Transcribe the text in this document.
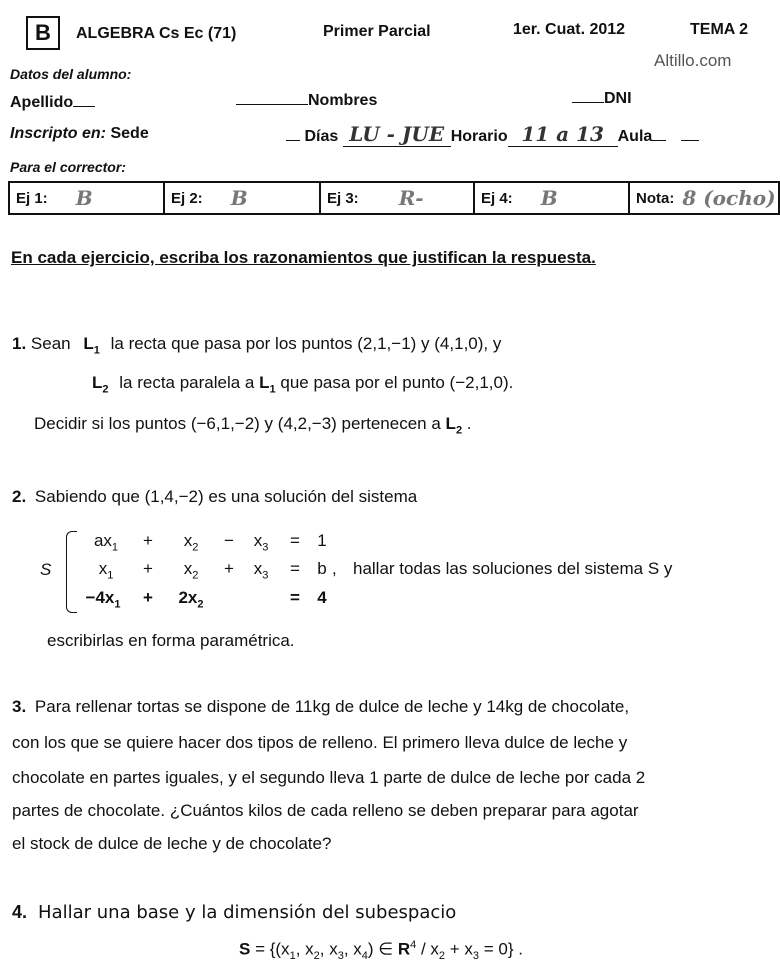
B	ALGEBRA Cs Ec (71)	Primer Parcial	1er. Cuat. 2012	TEMA 2
Altillo.com
Datos del alumno:
Apellido	Nombres	DNI
Inscripto en: Sede	Días LU - JUE Horario 11 a 13 Aula
Para el corrector:
Ej 1: B	Ej 2: B	Ej 3: R-	Ej 4: B	Nota: 8 (ocho)
En cada ejercicio, escriba los razonamientos que justifican la respuesta.
1. Sean $L_1$ la recta que pasa por los puntos (2,1,−1) y (4,1,0), y
$L_2$ la recta paralela a $L_1$ que pasa por el punto (−2,1,0).
Decidir si los puntos (−6,1,−2) y (4,2,−3) pertenecen a $L_2$ .
2. Sabiendo que (1,4,−2) es una solución del sistema
S
$ax_1 + x_2 - x_3 = 1$
$x_1 + x_2 + x_3 = b$ , hallar todas las soluciones del sistema S y
$-4x_1 + 2x_2$	= 4
escribirlas en forma paramétrica.
3. Para rellenar tortas se dispone de 11kg de dulce de leche y 14kg de chocolate,
con los que se quiere hacer dos tipos de relleno. El primero lleva dulce de leche y
chocolate en partes iguales, y el segundo lleva 1 parte de dulce de leche por cada 2
partes de chocolate. ¿Cuántos kilos de cada relleno se deben preparar para agotar
el stock de dulce de leche y de chocolate?
4. Hallar una base y la dimensión del subespacio
$S = \{(x_1$, $x_2$, $x_3$, $x_4$) ∈ $R^4 / x_2 + x_3 = 0$} .
